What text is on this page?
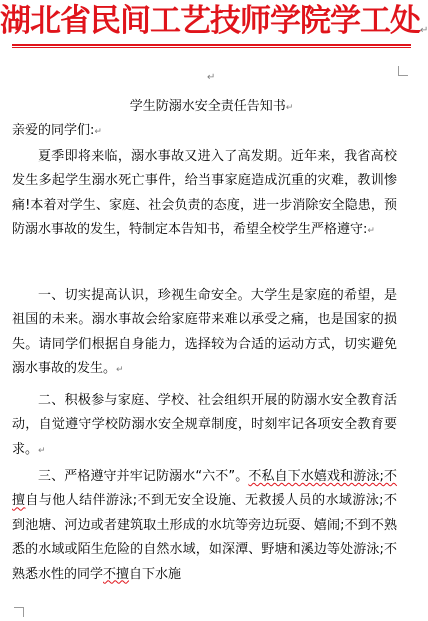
湖北省民间工艺技师学院学工处↵
↵
学生防溺水安全责任告知书↵
亲爱的同学们:↵

夏季即将来临，溺水事故又进入了高发期。近年来，我省高校发生多起学生溺水死亡事件，给当事家庭造成沉重的灾难，教训惨痛!本着对学生、家庭、社会负责的态度，进一步消除安全隐患，预防溺水事故的发生，特制定本告知书，希望全校学生严格遵守:↵

一、切实提高认识，珍视生命安全。大学生是家庭的希望，是祖国的未来。溺水事故会给家庭带来难以承受之痛，也是国家的损失。请同学们根据自身能力，选择较为合适的运动方式，切实避免溺水事故的发生。↵

二、积极参与家庭、学校、社会组织开展的防溺水安全教育活动，自觉遵守学校防溺水安全规章制度，时刻牢记各项安全教育要求。↵

三、严格遵守并牢记防溺水“六不”。不私自下水嬉戏和游泳;不擅自与他人结伴游泳;不到无安全设施、无救援人员的水域游泳;不到池塘、河边或者建筑取土形成的水坑等旁边玩耍、嬉闹;不到不熟悉的水域或陌生危险的自然水域，如深潭、野塘和溪边等处游泳;不熟悉水性的同学不擅自下水施
